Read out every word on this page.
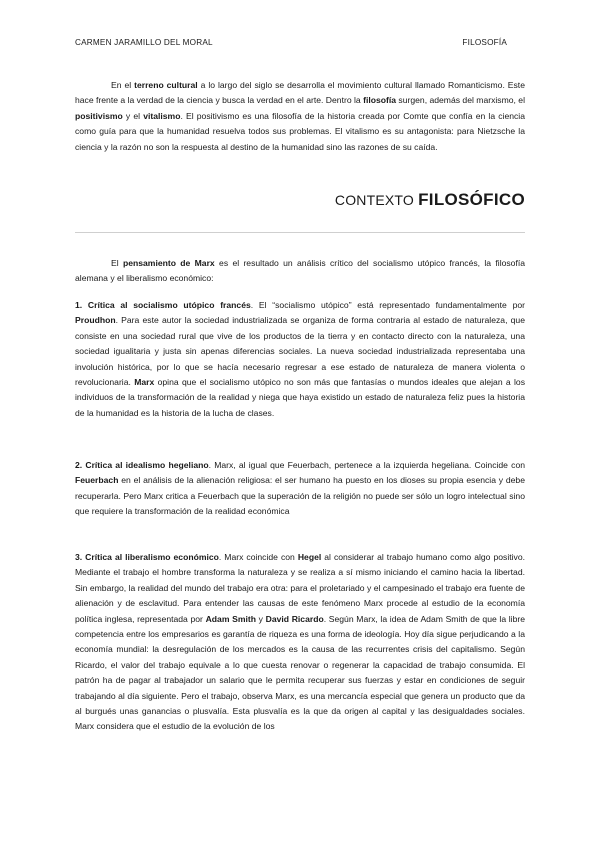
CARMEN JARAMILLO DEL MORAL	FILOSOFÍA

En el terreno cultural a lo largo del siglo se desarrolla el movimiento cultural llamado Romanticismo. Este hace frente a la verdad de la ciencia y busca la verdad en el arte. Dentro la filosofía surgen, además del marxismo, el positivismo y el vitalismo. El positivismo es una filosofía de la historia creada por Comte que confía en la ciencia como guía para que la humanidad resuelva todos sus problemas. El vitalismo es su antagonista: para Nietzsche la ciencia y la razón no son la respuesta al destino de la humanidad sino las razones de su caída.

CONTEXTO FILOSÓFICO

El pensamiento de Marx es el resultado un análisis crítico del socialismo utópico francés, la filosofía alemana y el liberalismo económico:

1. Crítica al socialismo utópico francés. El “socialismo utópico” está representado fundamentalmente por Proudhon. Para este autor la sociedad industrializada se organiza de forma contraria al estado de naturaleza, que consiste en una sociedad rural que vive de los productos de la tierra y en contacto directo con la naturaleza, una sociedad igualitaria y justa sin apenas diferencias sociales. La nueva sociedad industrializada representaba una involución histórica, por lo que se hacía necesario regresar a ese estado de naturaleza de manera violenta o revolucionaria. Marx opina que el socialismo utópico no son más que fantasías o mundos ideales que alejan a los individuos de la transformación de la realidad y niega que haya existido un estado de naturaleza feliz pues la historia de la humanidad es la historia de la lucha de clases.

2. Crítica al idealismo hegeliano. Marx, al igual que Feuerbach, pertenece a la izquierda hegeliana. Coincide con Feuerbach en el análisis de la alienación religiosa: el ser humano ha puesto en los dioses su propia esencia y debe recuperarla. Pero Marx critica a Feuerbach que la superación de la religión no puede ser sólo un logro intelectual sino que requiere la transformación de la realidad económica

3. Crítica al liberalismo económico. Marx coincide con Hegel al considerar al trabajo humano como algo positivo. Mediante el trabajo el hombre transforma la naturaleza y se realiza a sí mismo iniciando el camino hacia la libertad. Sin embargo, la realidad del mundo del trabajo era otra: para el proletariado y el campesinado el trabajo era fuente de alienación y de esclavitud. Para entender las causas de este fenómeno Marx procede al estudio de la economía política inglesa, representada por Adam Smith y David Ricardo. Según Marx, la idea de Adam Smith de que la libre competencia entre los empresarios es garantía de riqueza es una forma de ideología. Hoy día sigue perjudicando a la economía mundial: la desregulación de los mercados es la causa de las recurrentes crisis del capitalismo. Según Ricardo, el valor del trabajo equivale a lo que cuesta renovar o regenerar la capacidad de trabajo consumida. El patrón ha de pagar al trabajador un salario que le permita recuperar sus fuerzas y estar en condiciones de seguir trabajando al día siguiente. Pero el trabajo, observa Marx, es una mercancía especial que genera un producto que da al burgués unas ganancias o plusvalía. Esta plusvalía es la que da origen al capital y las desigualdades sociales. Marx considera que el estudio de la evolución de los
